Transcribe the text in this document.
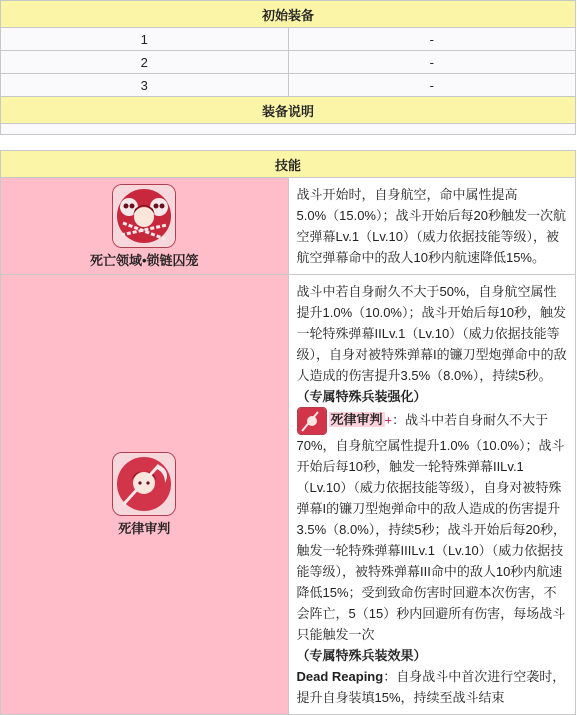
初始装备	
1	-
2	-
3	-
装备说明	

技能	

死亡领域•锁链囚笼	战斗开始时，自身航空，命中属性提高5.0%（15.0%）；战斗开始后每20秒触发一次航空弹幕Lv.1（Lv.10）（威力依据技能等级），被航空弹幕命中的敌人10秒内航速降低15%。

死律审判	战斗中若自身耐久不大于50%，自身航空属性提升1.0%（10.0%）；战斗开始后每10秒，触发一轮特殊弹幕IILv.1（Lv.10）（威力依据技能等级），自身对被特殊弹幕I的镰刀型炮弹命中的敌人造成的伤害提升3.5%（8.0%），持续5秒。
（专属特殊兵装强化）
死律审判 +：战斗中若自身耐久不大于70%，自身航空属性提升1.0%（10.0%）；战斗开始后每10秒，触发一轮特殊弹幕IILv.1（Lv.10）（威力依据技能等级），自身对被特殊弹幕I的镰刀型炮弹命中的敌人造成的伤害提升3.5%（8.0%），持续5秒；战斗开始后每20秒，触发一轮特殊弹幕IIILv.1（Lv.10）（威力依据技能等级），被特殊弹幕III命中的敌人10秒内航速降低15%；受到致命伤害时回避本次伤害，不会阵亡，5（15）秒内回避所有伤害，每场战斗只能触发一次
（专属特殊兵装效果）
Dead Reaping：自身战斗中首次进行空袭时，提升自身装填15%，持续至战斗结束
